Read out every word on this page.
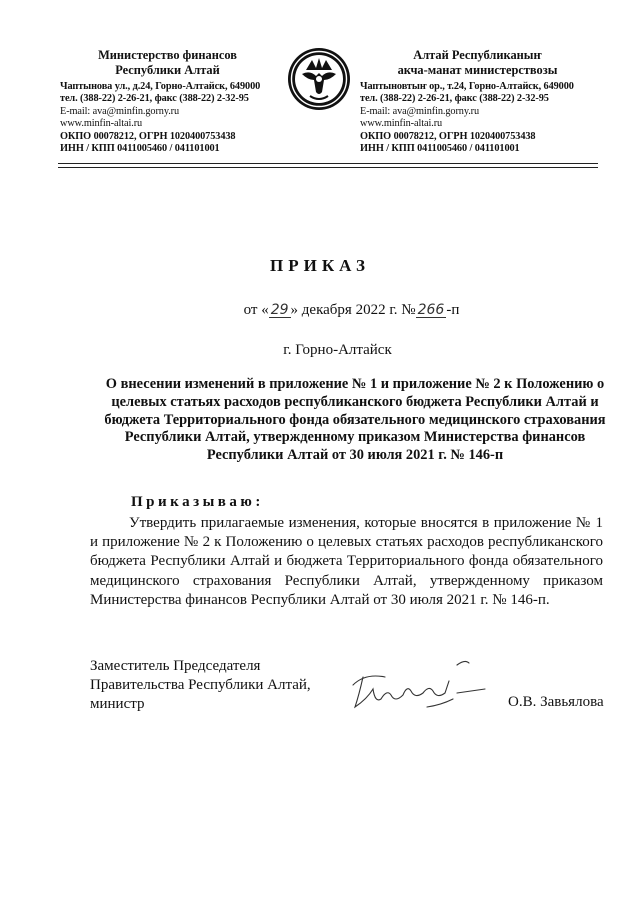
Министерство финансов
Республики Алтай
Чаптынова ул., д.24, Горно-Алтайск, 649000
тел. (388-22) 2-26-21, факс (388-22) 2-32-95
E-mail: ava@minfin.gorny.ru
www.minfin-altai.ru
ОКПО 00078212, ОГРН 1020400753438
ИНН / КПП 0411005460 / 041101001
Алтай Республиканыҥ
акча-манат министерствозы
Чаптыновтыҥ ор., т.24, Горно-Алтайск, 649000
тел. (388-22) 2-26-21, факс (388-22) 2-32-95
E-mail: ava@minfin.gorny.ru
www.minfin-altai.ru
ОКПО 00078212, ОГРН 1020400753438
ИНН / КПП 0411005460 / 041101001
ПРИКАЗ
от « 29 » декабря 2022 г. № 266 -п
г. Горно-Алтайск
О внесении изменений в приложение № 1 и приложение № 2 к Положению о
целевых статьях расходов республиканского бюджета Республики Алтай и
бюджета Территориального фонда обязательного медицинского страхования
Республики Алтай, утвержденному приказом Министерства финансов
Республики Алтай от 30 июля 2021 г. № 146-п
Приказываю:

Утвердить прилагаемые изменения, которые вносятся в приложение № 1 и приложение № 2 к Положению о целевых статьях расходов республиканского бюджета Республики Алтай и бюджета Территориального фонда обязательного медицинского страхования Республики Алтай, утвержденному приказом Министерства финансов Республики Алтай от 30 июля 2021 г. № 146-п.

Заместитель Председателя
Правительства Республики Алтай,
министр	О.В. Завьялова
